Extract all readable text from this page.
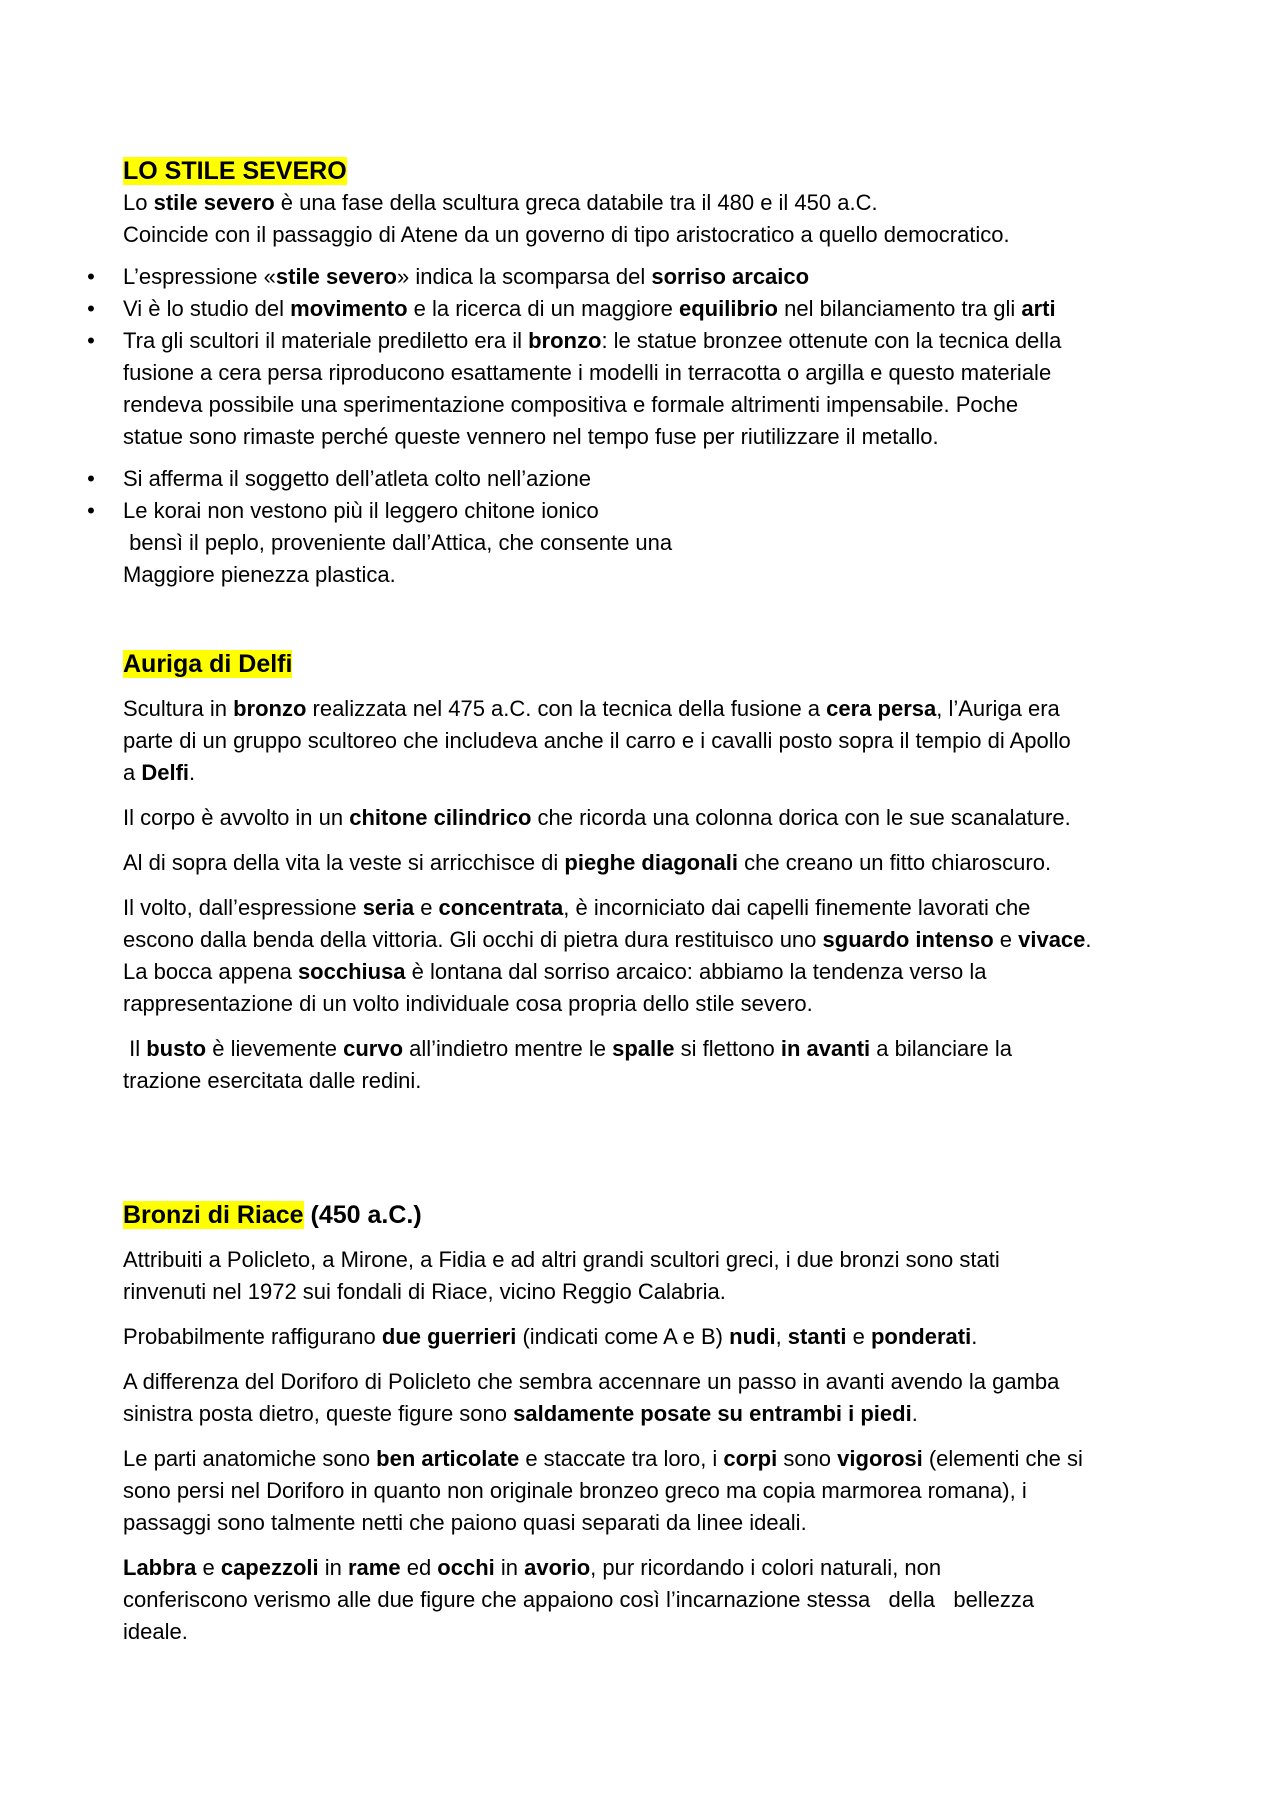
LO STILE SEVERO

Lo stile severo è una fase della scultura greca databile tra il 480 e il 450 a.C.
Coincide con il passaggio di Atene da un governo di tipo aristocratico a quello democratico.
• L’espressione «stile severo» indica la scomparsa del sorriso arcaico
• Vi è lo studio del movimento e la ricerca di un maggiore equilibrio nel bilanciamento tra gli arti
• Tra gli scultori il materiale prediletto era il bronzo: le statue bronzee ottenute con la tecnica della
fusione a cera persa riproducono esattamente i modelli in terracotta o argilla e questo materiale
rendeva possibile una sperimentazione compositiva e formale altrimenti impensabile. Poche
statue sono rimaste perché queste vennero nel tempo fuse per riutilizzare il metallo.
• Si afferma il soggetto dell’atleta colto nell’azione
• Le korai non vestono più il leggero chitone ionico
bensì il peplo, proveniente dall’Attica, che consente una
Maggiore pienezza plastica.

Auriga di Delfi

Scultura in bronzo realizzata nel 475 a.C. con la tecnica della fusione a cera persa, l’Auriga era
parte di un gruppo scultoreo che includeva anche il carro e i cavalli posto sopra il tempio di Apollo
a Delfi.

Il corpo è avvolto in un chitone cilindrico che ricorda una colonna dorica con le sue scanalature.

Al di sopra della vita la veste si arricchisce di pieghe diagonali che creano un fitto chiaroscuro.

Il volto, dall’espressione seria e concentrata, è incorniciato dai capelli finemente lavorati che
escono dalla benda della vittoria. Gli occhi di pietra dura restituisco uno sguardo intenso e vivace.
La bocca appena socchiusa è lontana dal sorriso arcaico: abbiamo la tendenza verso la
rappresentazione di un volto individuale cosa propria dello stile severo.

Il busto è lievemente curvo all’indietro mentre le spalle si flettono in avanti a bilanciare la
trazione esercitata dalle redini.

Bronzi di Riace (450 a.C.)

Attribuiti a Policleto, a Mirone, a Fidia e ad altri grandi scultori greci, i due bronzi sono stati
rinvenuti nel 1972 sui fondali di Riace, vicino Reggio Calabria.

Probabilmente raffigurano due guerrieri (indicati come A e B) nudi, stanti e ponderati.

A differenza del Doriforo di Policleto che sembra accennare un passo in avanti avendo la gamba
sinistra posta dietro, queste figure sono saldamente posate su entrambi i piedi.

Le parti anatomiche sono ben articolate e staccate tra loro, i corpi sono vigorosi (elementi che si
sono persi nel Doriforo in quanto non originale bronzeo greco ma copia marmorea romana), i
passaggi sono talmente netti che paiono quasi separati da linee ideali.

Labbra e capezzoli in rame ed occhi in avorio, pur ricordando i colori naturali, non
conferiscono verismo alle due figure che appaiono così l’incarnazione stessa   della   bellezza
ideale.
